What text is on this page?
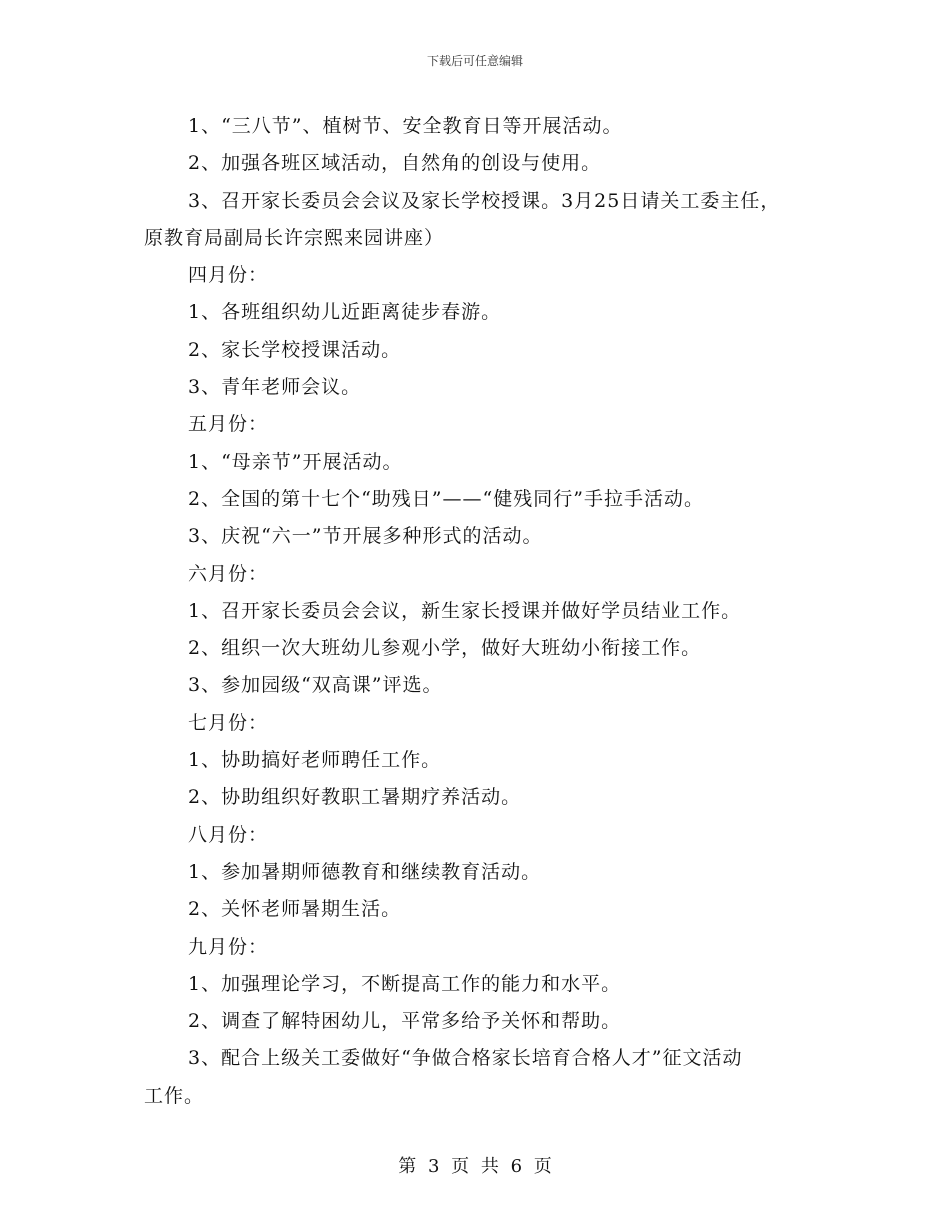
下载后可任意编辑
1、“三八节”、植树节、安全教育日等开展活动。
2、加强各班区域活动，自然角的创设与使用。
3、召开家长委员会会议及家长学校授课。3月25日请关工委主任，
原教育局副局长许宗熙来园讲座）
四月份：
1、各班组织幼儿近距离徒步春游。
2、家长学校授课活动。
3、青年老师会议。
五月份：
1、“母亲节”开展活动。
2、全国的第十七个“助残日”——“健残同行”手拉手活动。
3、庆祝“六一”节开展多种形式的活动。
六月份：
1、召开家长委员会会议，新生家长授课并做好学员结业工作。
2、组织一次大班幼儿参观小学，做好大班幼小衔接工作。
3、参加园级“双高课”评选。
七月份：
1、协助搞好老师聘任工作。
2、协助组织好教职工暑期疗养活动。
八月份：
1、参加暑期师德教育和继续教育活动。
2、关怀老师暑期生活。
九月份：
1、加强理论学习，不断提高工作的能力和水平。
2、调查了解特困幼儿，平常多给予关怀和帮助。
3、配合上级关工委做好“争做合格家长培育合格人才”征文活动
工作。
第 3 页 共 6 页
